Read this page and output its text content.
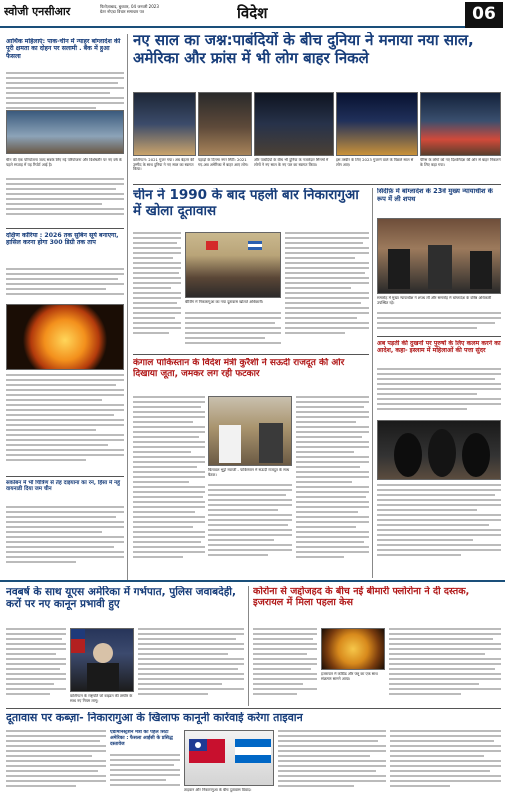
स्वोजी एनसीआर	फिरोज़ाबाद, बुधवार, 04 जनवरी 2023
ग्रेटर नोएडा विचार समाचार पत्र	विदेश	06
आर्थिक महिलाएं: पाक-चीन में न्याहर बांग्लादेश की पूरी क्षमता का दोहन पर सलामी . बैंक में हुआ फैसला
चीन की एक परियोजना जल्द सबके लिए नई परियोजना और विशेषतौर पर नए वर्ष के पहले सप्ताह में यह रिपोर्ट आई है।
दक्षिण कोरिया : 2026 तक सुबिन सूर्य बनाएगा, हासिल करना होगा 300 डिग्री तक ताप
सकोबन में भी चित्रिण से तेह दाइयाना का रन, हिंसा में नहुं वायनाडी दिया जम चीन
नए साल का जश्न:पाबंदियों के बीच दुनिया ने मनाया नया साल, अमेरिका और फ्रांस में भी लोग बाहर निकले
वाशिंगटन: 2021 गुजर गया। अब बेहतर की उम्मीद के साथ दुनिया ने नए साल का स्वागत किया।
पहाड़ों के दिनमा नगर सिटी: 2021 गए-अब अमेरिका में बाहर आए लोग।
और पाबंदियों के बीच भी दुनिया के नजारेदार सिनमों में लोगों ने नए साल के नए पल का स्वागत किया।
इस तस्वीर के लिए 2023 गुजरने वाले के पिछले साल से लोग आए।
पेरिस के लोगों को नए दिशानिर्देश की ओर से बाहर निकलने के लिए कहा गया।
चीन ने 1990 के बाद पहली बार निकारागुआ में खोला दूतावास
बीजिंग में निकारागुआ का नया दूतावास खोलते अधिकारी।
सिंदीर्फ़ में बांग्लादेश के 23वें मुख्य न्यायाधीश के रूप में ली शपथ
समारोह में मुख्य न्यायाधीश ने शपथ ली और समारोह में बांग्लादेश के वरिष्ठ अधिकारी उपस्थित रहे।
अब पड़ती की दुखनों पर पुरुषों के लिए कलम करने का आदेश, कहा- इस्लाम में महिलाओं की पत्ता सुंदर
कंगाल पाकिस्तान के विदेश मंत्री कुरैशी ने सऊदी राजदूत की ओर दिखाया जूता, जमकर लग रही फटकार
बिलावल भुट्टो नवाजी - पाकिस्तान में सऊदी राजदूत के साथ बैठक।
नवबर्ष के साथ यूएस अमेरिका में गर्भपात, पुलिस जवाबदेही, करों पर नए कानून प्रभावी हुए
वाशिंगटन के राष्ट्रपति जो बाइडन की तस्वीर के साथ नए नियम लागू।
कोरोना से जद्दोजहद के बीच नई बीमारी फ्लोरोना ने दी दस्तक, इजरायल में मिला पहला केस
इजरायल में कोविड और फ्लू का एक साथ संक्रमण सामने आया।
दूतावास पर कब्ज़ा- निकारागुआ के खिलाफ कानूनी कार्रवाई करेगा ताइवान
एडमिनिस्ट्रेशन मंत्री की पहल सिटी अमेरिका : फैसला आईसी के प्रसिद्ध दस्तावेज
ताइवान और निकारागुआ के बीच दूतावास विवाद।
